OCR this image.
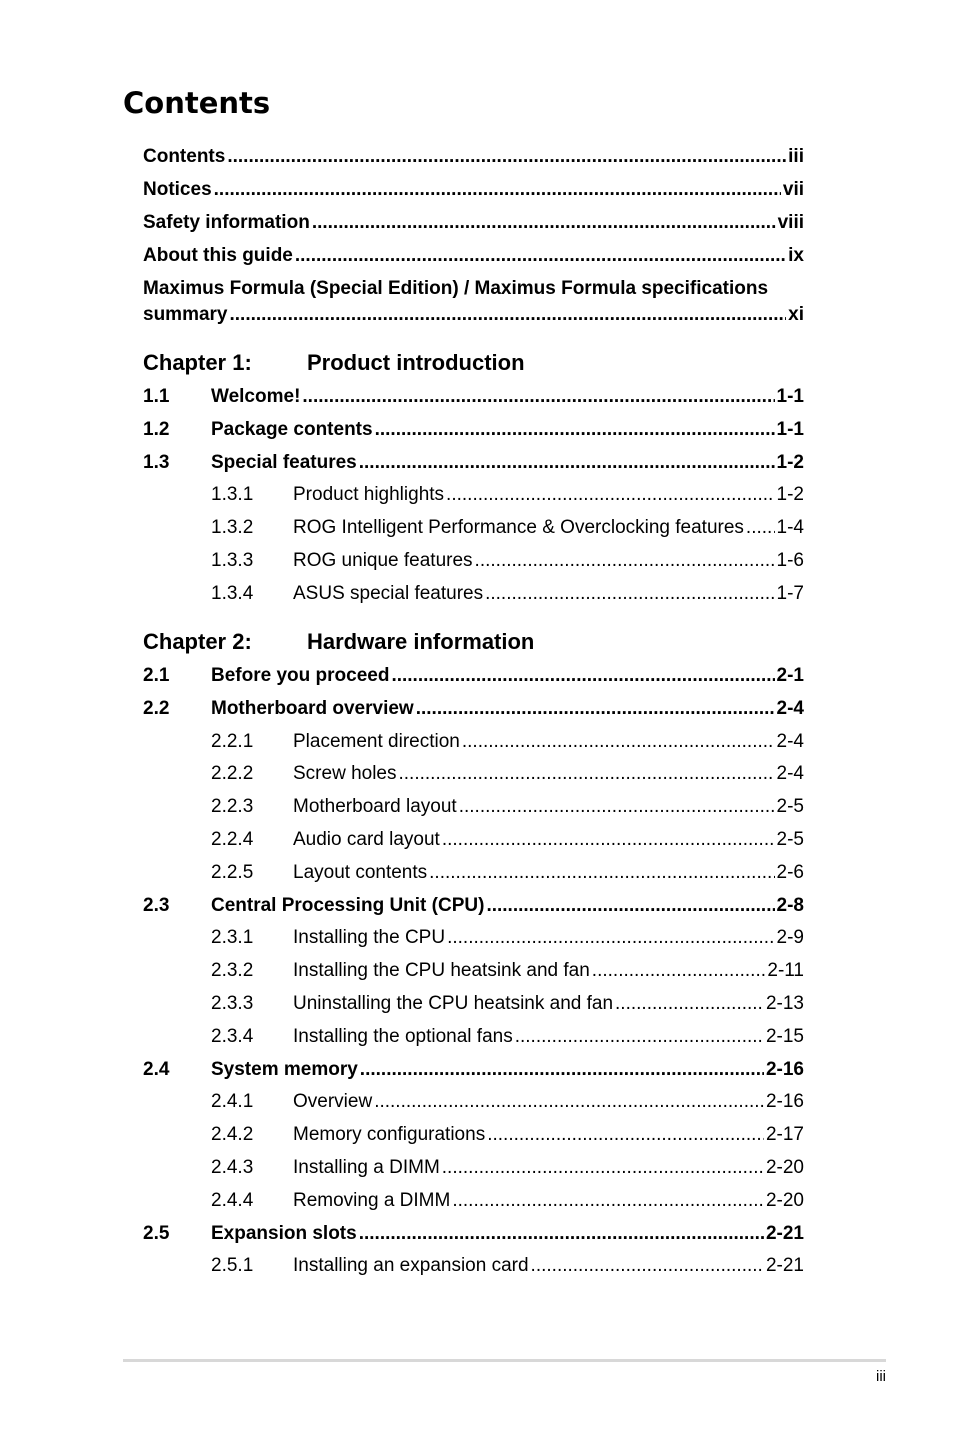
Contents
Contents .....	iii
Notices .....	vii
Safety information .....	viii
About this guide .....	ix
Maximus Formula (Special Edition) / Maximus Formula specifications
summary .....	xi
Chapter 1:	Product introduction
1.1	Welcome! .....	1-1
1.2	Package contents .....	1-1
1.3	Special features .....	1-2
1.3.1	Product highlights .....	1-2
1.3.2	ROG Intelligent Performance & Overclocking features ..... 1-4
1.3.3	ROG unique features .....	1-6
1.3.4	ASUS special features .....	1-7
Chapter 2:	Hardware information
2.1	Before you proceed .....	2-1
2.2	Motherboard overview .....	2-4
2.2.1	Placement direction .....	2-4
2.2.2	Screw holes .....	2-4
2.2.3	Motherboard layout .....	2-5
2.2.4	Audio card layout .....	2-5
2.2.5	Layout contents .....	2-6
2.3	Central Processing Unit (CPU) .....	2-8
2.3.1	Installing the CPU .....	2-9
2.3.2	Installing the CPU heatsink and fan .....	2-11
2.3.3	Uninstalling the CPU heatsink and fan .....	2-13
2.3.4	Installing the optional fans .....	2-15
2.4	System memory .....	2-16
2.4.1	Overview .....	2-16
2.4.2	Memory configurations .....	2-17
2.4.3	Installing a DIMM .....	2-20
2.4.4	Removing a DIMM .....	2-20
2.5	Expansion slots .....	2-21
2.5.1	Installing an expansion card .....	2-21
iii
